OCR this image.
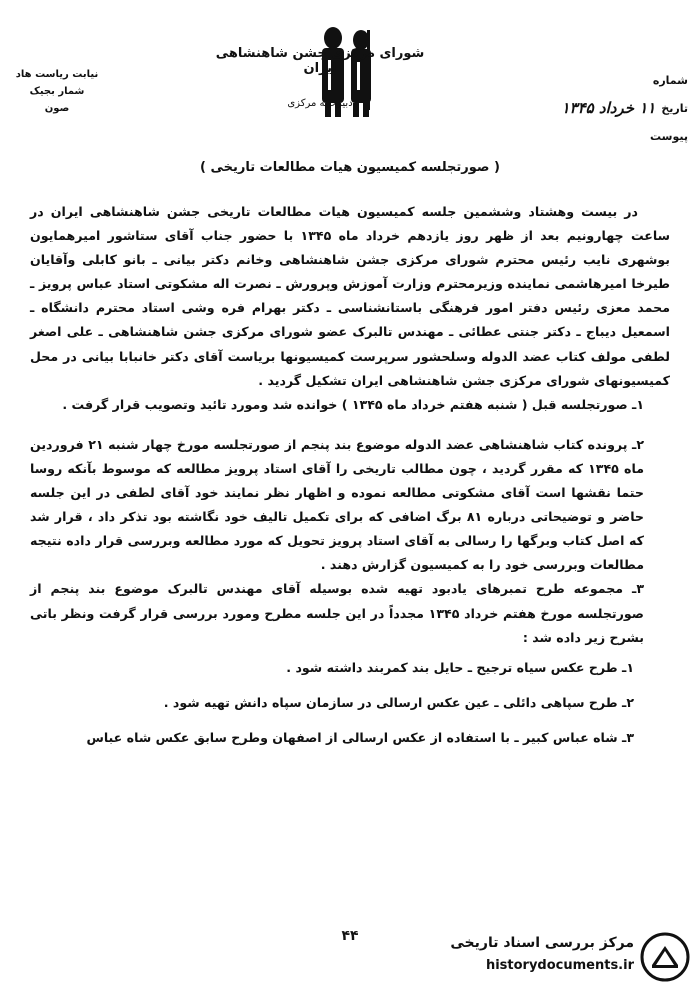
نیابت ریاست هاد
شمار بجیک
صون
شورای مرکزی جشن شاهنشاهی ایران
دبیرخانه مرکزی
شماره
تاریخ
۱۱ خرداد ۱۳۴۵
پیوست
( صورتجلسه کمیسیون هیات مطالعات تاریخی )

در بیست وهشتاد وششمین جلسه کمیسیون هیات مطالعات تاریخی جشن شاهنشاهی ایران در ساعت چهارونیم بعد از ظهر روز یازدهم خرداد ماه ۱۳۴۵ با حضور جناب آقای ستاشور امیرهمایون بوشهری نایب رئیس محترم شورای مرکزی جشن شاهنشاهی وخانم دکتر بیانی ـ بانو کابلی وآقایان طیرخا امیرهاشمی نماینده وزیرمحترم وزارت آموزش وپرورش ـ نصرت اله مشکوتی استاد عباس پرویز ـ محمد معزی رئیس دفتر امور فرهنگی باستانشناسی ـ دکتر بهرام فره وشی استاد محترم دانشگاه ـ اسمعیل دیباج ـ دکتر جنتی عطائی ـ مهندس تالبرک عضو شورای مرکزی جشن شاهنشاهی ـ علی اصغر لطفی مولف کتاب عضد الدوله وسلحشور سرپرست کمیسیونها بریاست آقای دکتر خانبابا بیانی در محل کمیسیونهای شورای مرکزی جشن شاهنشاهی ایران تشکیل گردید .

۱ـ صورتجلسه قبل ( شنبه هفتم خرداد ماه ۱۳۴۵ ) خوانده شد ومورد تائید وتصویب قرار گرفت .

۲ـ پرونده کتاب شاهنشاهی عضد الدوله موضوع بند پنجم از صورتجلسه مورخ چهار شنبه ۲۱ فروردین ماه ۱۳۴۵ که مقرر گردید ، چون مطالب تاریخی را آقای استاد پرویز مطالعه که موسوط بآنکه روسا حتما نقشها است آقای مشکوتی مطالعه نموده و اظهار نظر نمایند خود آقای لطفی در این جلسه حاضر و توضیحاتی درباره ۸۱ برگ اضافی که برای تکمیل تالیف خود نگاشته بود تذکر داد ، قرار شد که اصل کتاب وبرگها را رسالی به آقای استاد پرویز تحویل که مورد مطالعه وبررسی قرار داده نتیجه مطالعات وبررسی خود را به کمیسیون گزارش دهند .

۳ـ مجموعه طرح تمبرهای یادبود تهیه شده بوسیله آقای مهندس تالبرک موضوع بند پنجم از صورتجلسه مورخ هفتم خرداد ۱۳۴۵ مجدداً در این جلسه مطرح ومورد بررسی قرار گرفت ونظر باتی بشرح زیر داده شد :

۱ـ طرح عکس سیاه ترجیح ـ حایل بند کمربند داشته شود .

۲ـ طرح سپاهی دائلی ـ عین عکس ارسالی در سازمان سپاه دانش تهیه شود .

۳ـ شاه عباس کبیر ـ با استفاده از عکس ارسالی از اصفهان وطرح سابق عکس شاه عباس

۴۴	مرکز بررسی اسناد تاریخی
historydocuments.ir
